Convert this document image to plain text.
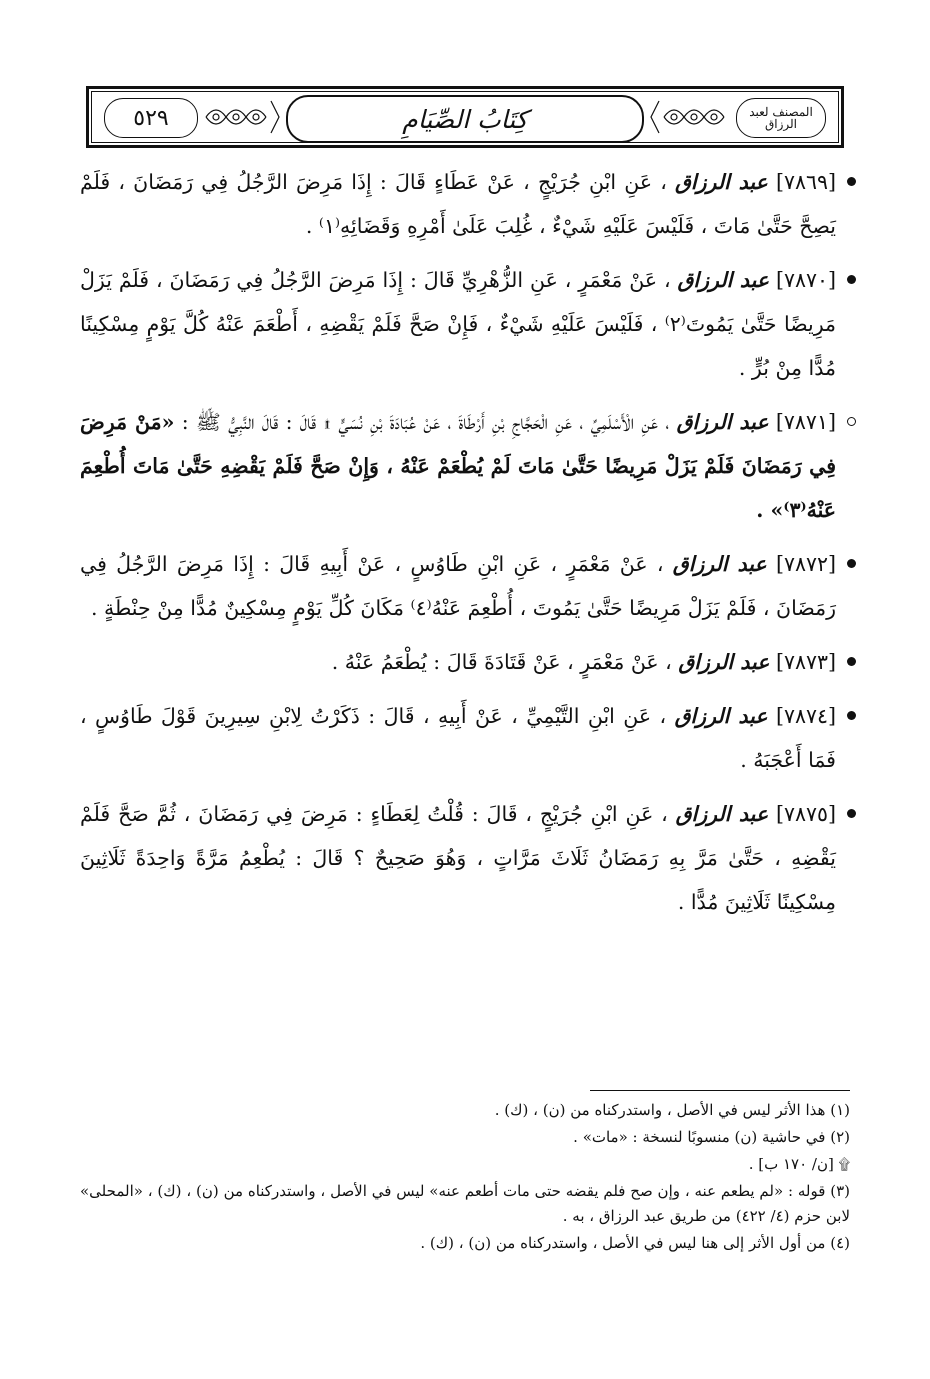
٥٢٩	كِتَابُ الصِّيَامِ	المصنف لعبد الرزاق
[٧٨٦٩] عبد الرزاق ، عَنِ ابْنِ جُرَيْجٍ ، عَنْ عَطَاءٍ قَالَ : إِذَا مَرِضَ الرَّجُلُ فِي رَمَضَانَ ، فَلَمْ يَصِحَّ حَتَّىٰ مَاتَ ، فَلَيْسَ عَلَيْهِ شَيْءٌ ، غُلِبَ عَلَىٰ أَمْرِهِ وَقَضَائِهِ⁽١⁾ .
[٧٨٧٠] عبد الرزاق ، عَنْ مَعْمَرٍ ، عَنِ الزُّهْرِيِّ قَالَ : إِذَا مَرِضَ الرَّجُلُ فِي رَمَضَانَ ، فَلَمْ يَزَلْ مَرِيضًا حَتَّىٰ يَمُوتَ⁽٢⁾ ، فَلَيْسَ عَلَيْهِ شَيْءٌ ، فَإِنْ صَحَّ فَلَمْ يَقْضِهِ ، أَطْعَمَ عَنْهُ كُلَّ يَوْمٍ مِسْكِينًا مُدًّا مِنْ بُرٍّ .
[٧٨٧١] عبد الرزاق ، عَنِ الْأَسْلَمِيِّ ، عَنِ الْحَجَّاجِ بْنِ أَرْطَاةَ ، عَنْ عُبَادَةَ بْنِ نُسَيٍّ ۩ قَالَ : قَالَ النَّبِيُّ ﷺ : «مَنْ مَرِضَ فِي رَمَضَانَ فَلَمْ يَزَلْ مَرِيضًا حَتَّىٰ مَاتَ لَمْ يُطْعَمْ عَنْهُ ، وَإِنْ صَحَّ فَلَمْ يَقْضِهِ حَتَّىٰ مَاتَ أُطْعِمَ عَنْهُ⁽٣⁾» .
[٧٨٧٢] عبد الرزاق ، عَنْ مَعْمَرٍ ، عَنِ ابْنِ طَاوُسٍ ، عَنْ أَبِيهِ قَالَ : إِذَا مَرِضَ الرَّجُلُ فِي رَمَضَانَ ، فَلَمْ يَزَلْ مَرِيضًا حَتَّىٰ يَمُوتَ ، أُطْعِمَ عَنْهُ⁽٤⁾ مَكَانَ كُلِّ يَوْمٍ مِسْكِينٌ مُدًّا مِنْ حِنْطَةٍ .
[٧٨٧٣] عبد الرزاق ، عَنْ مَعْمَرٍ ، عَنْ قَتَادَةَ قَالَ : يُطْعَمُ عَنْهُ .
[٧٨٧٤] عبد الرزاق ، عَنِ ابْنِ التَّيْمِيِّ ، عَنْ أَبِيهِ ، قَالَ : ذَكَرْتُ لِابْنِ سِيرِينَ قَوْلَ طَاوُسٍ ، فَمَا أَعْجَبَهُ .
[٧٨٧٥] عبد الرزاق ، عَنِ ابْنِ جُرَيْجٍ ، قَالَ : قُلْتُ لِعَطَاءٍ : مَرِضَ فِي رَمَضَانَ ، ثُمَّ صَحَّ فَلَمْ يَقْضِهِ ، حَتَّىٰ مَرَّ بِهِ رَمَضَانُ ثَلَاثَ مَرَّاتٍ ، وَهُوَ صَحِيحٌ ؟ قَالَ : يُطْعِمُ مَرَّةً وَاحِدَةً ثَلَاثِينَ مِسْكِينًا ثَلَاثِينَ مُدًّا .
(١) هذا الأثر ليس في الأصل ، واستدركناه من (ن) ، (ك) .
(٢) في حاشية (ن) منسوبًا لنسخة : «مات» .
۩ [ن/ ١٧٠ ب] .
(٣) قوله : «لم يطعم عنه ، وإن صح فلم يقضه حتى مات أطعم عنه» ليس في الأصل ، واستدركناه من (ن) ، (ك) ، «المحلى» لابن حزم (٤/ ٤٢٢) من طريق عبد الرزاق ، به .
(٤) من أول الأثر إلى هنا ليس في الأصل ، واستدركناه من (ن) ، (ك) .
